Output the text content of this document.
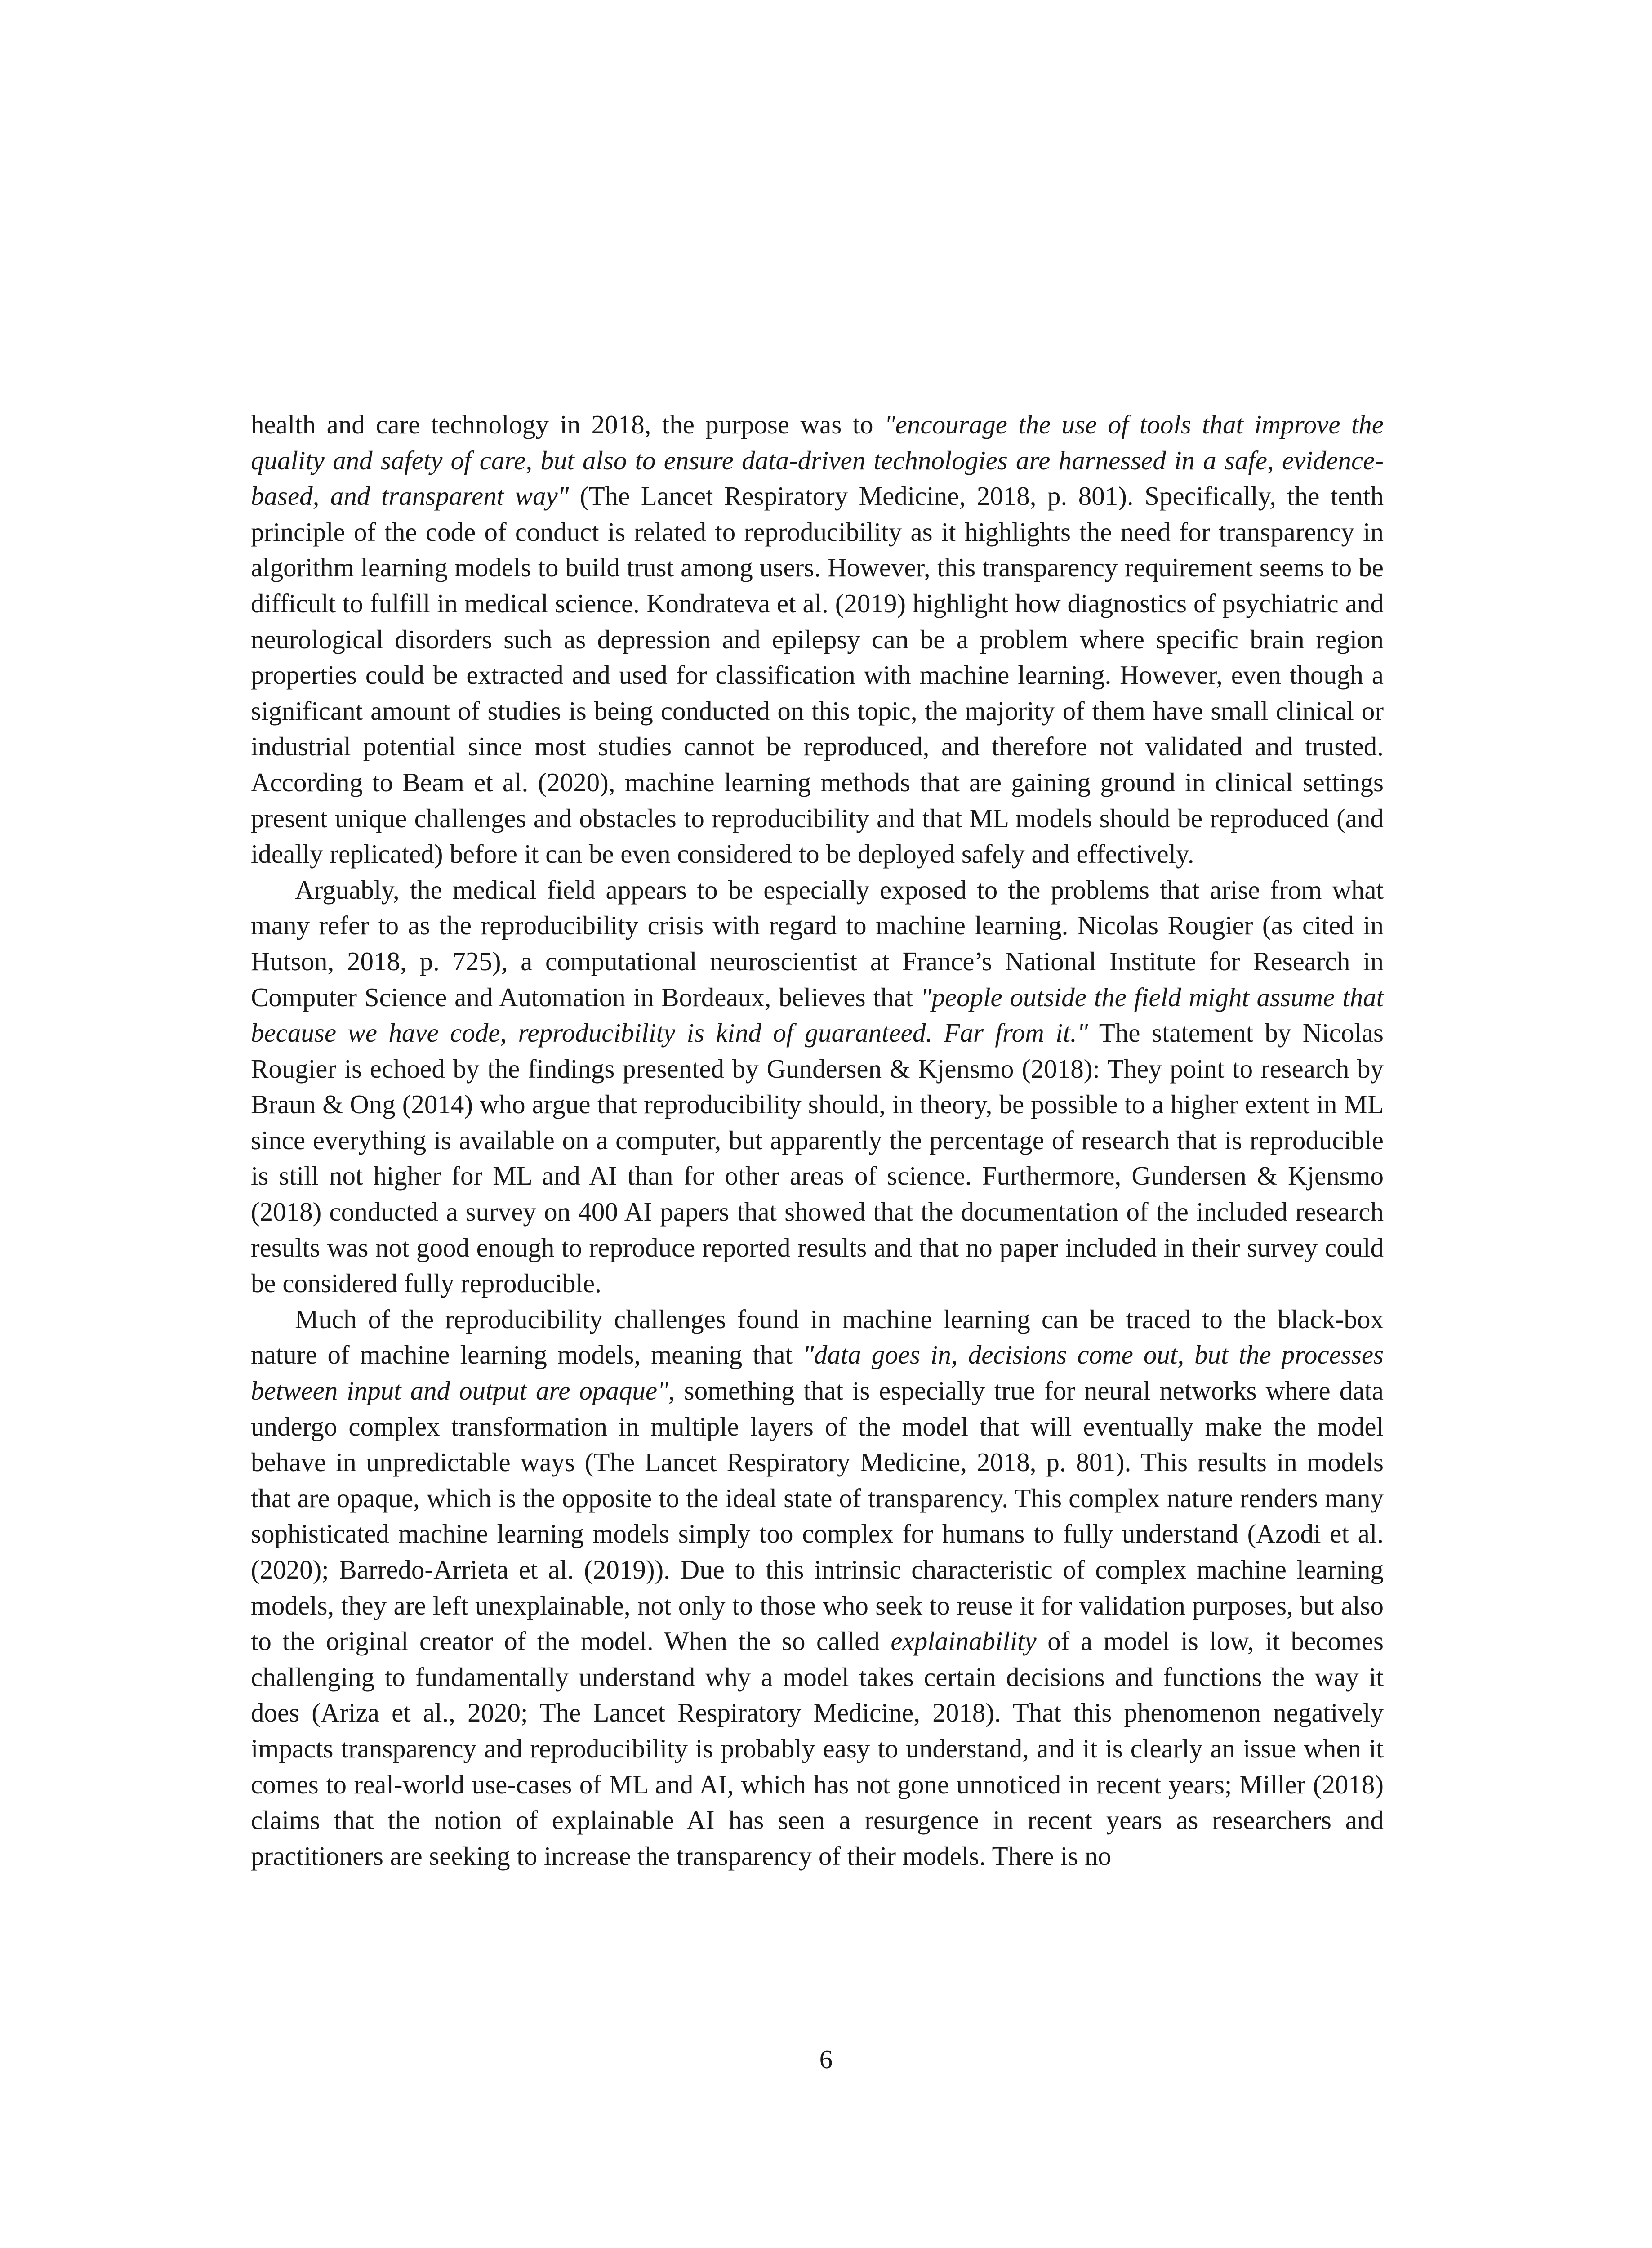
health and care technology in 2018, the purpose was to "encourage the use of tools that improve the quality and safety of care, but also to ensure data-driven technologies are harnessed in a safe, evidence-based, and transparent way" (The Lancet Respiratory Medicine, 2018, p. 801). Specifically, the tenth principle of the code of conduct is related to reproducibility as it highlights the need for transparency in algorithm learning models to build trust among users. However, this transparency requirement seems to be difficult to fulfill in medical science. Kondrateva et al. (2019) highlight how diagnostics of psychiatric and neurological disorders such as depression and epilepsy can be a problem where specific brain region properties could be extracted and used for classification with machine learning. However, even though a significant amount of studies is being conducted on this topic, the majority of them have small clinical or industrial potential since most studies cannot be reproduced, and therefore not validated and trusted. According to Beam et al. (2020), machine learning methods that are gaining ground in clinical settings present unique challenges and obstacles to reproducibility and that ML models should be reproduced (and ideally replicated) before it can be even considered to be deployed safely and effectively.

Arguably, the medical field appears to be especially exposed to the problems that arise from what many refer to as the reproducibility crisis with regard to machine learning. Nicolas Rougier (as cited in Hutson, 2018, p. 725), a computational neuroscientist at France’s National Institute for Research in Computer Science and Automation in Bordeaux, believes that "people outside the field might assume that because we have code, reproducibility is kind of guaranteed. Far from it." The statement by Nicolas Rougier is echoed by the findings presented by Gundersen & Kjensmo (2018): They point to research by Braun & Ong (2014) who argue that reproducibility should, in theory, be possible to a higher extent in ML since everything is available on a computer, but apparently the percentage of research that is reproducible is still not higher for ML and AI than for other areas of science. Furthermore, Gundersen & Kjensmo (2018) conducted a survey on 400 AI papers that showed that the documentation of the included research results was not good enough to reproduce reported results and that no paper included in their survey could be considered fully reproducible.

Much of the reproducibility challenges found in machine learning can be traced to the black-box nature of machine learning models, meaning that "data goes in, decisions come out, but the processes between input and output are opaque", something that is especially true for neural networks where data undergo complex transformation in multiple layers of the model that will eventually make the model behave in unpredictable ways (The Lancet Respiratory Medicine, 2018, p. 801). This results in models that are opaque, which is the opposite to the ideal state of transparency. This complex nature renders many sophisticated machine learning models simply too complex for humans to fully understand (Azodi et al. (2020); Barredo-Arrieta et al. (2019)). Due to this intrinsic characteristic of complex machine learning models, they are left unexplainable, not only to those who seek to reuse it for validation purposes, but also to the original creator of the model. When the so called explainability of a model is low, it becomes challenging to fundamentally understand why a model takes certain decisions and functions the way it does (Ariza et al., 2020; The Lancet Respiratory Medicine, 2018). That this phenomenon negatively impacts transparency and reproducibility is probably easy to understand, and it is clearly an issue when it comes to real-world use-cases of ML and AI, which has not gone unnoticed in recent years; Miller (2018) claims that the notion of explainable AI has seen a resurgence in recent years as researchers and practitioners are seeking to increase the transparency of their models. There is no

6
